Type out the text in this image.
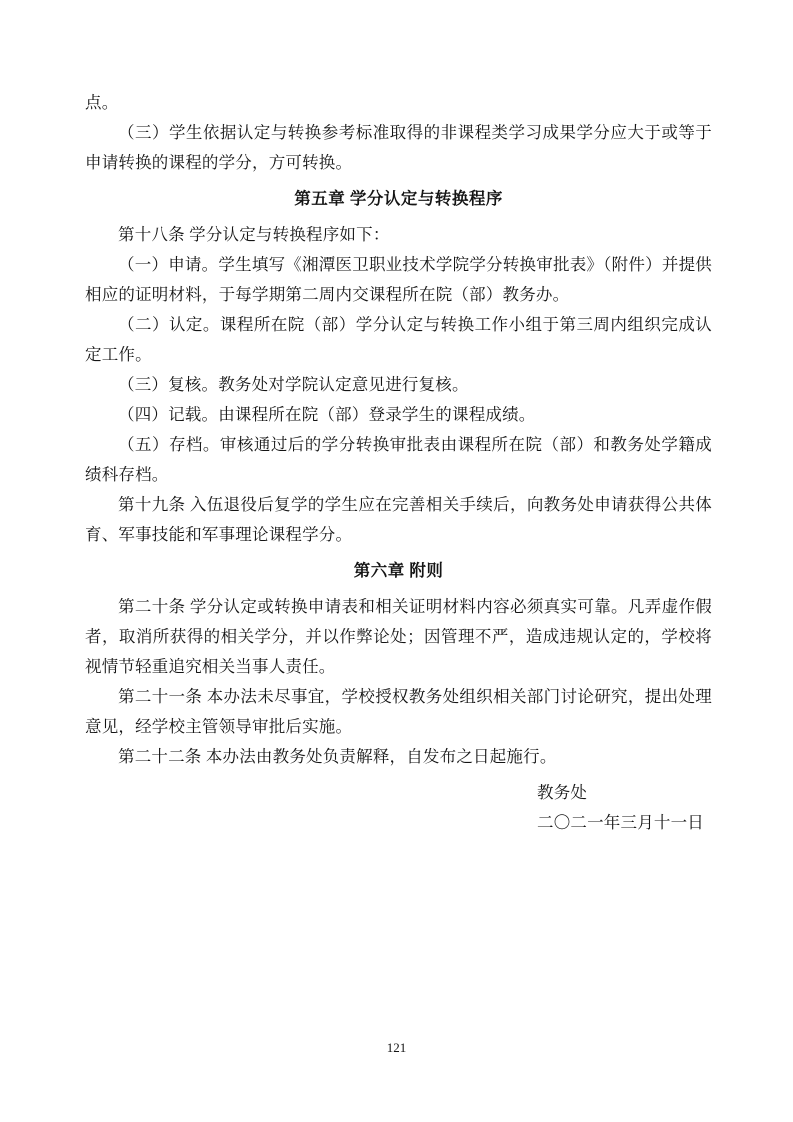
点。

（三）学生依据认定与转换参考标准取得的非课程类学习成果学分应大于或等于申请转换的课程的学分，方可转换。

第五章 学分认定与转换程序

第十八条 学分认定与转换程序如下：

（一）申请。学生填写《湘潭医卫职业技术学院学分转换审批表》（附件）并提供相应的证明材料，于每学期第二周内交课程所在院（部）教务办。

（二）认定。课程所在院（部）学分认定与转换工作小组于第三周内组织完成认定工作。

（三）复核。教务处对学院认定意见进行复核。

（四）记载。由课程所在院（部）登录学生的课程成绩。

（五）存档。审核通过后的学分转换审批表由课程所在院（部）和教务处学籍成绩科存档。

第十九条 入伍退役后复学的学生应在完善相关手续后，向教务处申请获得公共体育、军事技能和军事理论课程学分。

第六章 附则

第二十条 学分认定或转换申请表和相关证明材料内容必须真实可靠。凡弄虚作假者，取消所获得的相关学分，并以作弊论处；因管理不严，造成违规认定的，学校将视情节轻重追究相关当事人责任。

第二十一条 本办法未尽事宜，学校授权教务处组织相关部门讨论研究，提出处理意见，经学校主管领导审批后实施。

第二十二条 本办法由教务处负责解释，自发布之日起施行。

教务处

二〇二一年三月十一日

121
